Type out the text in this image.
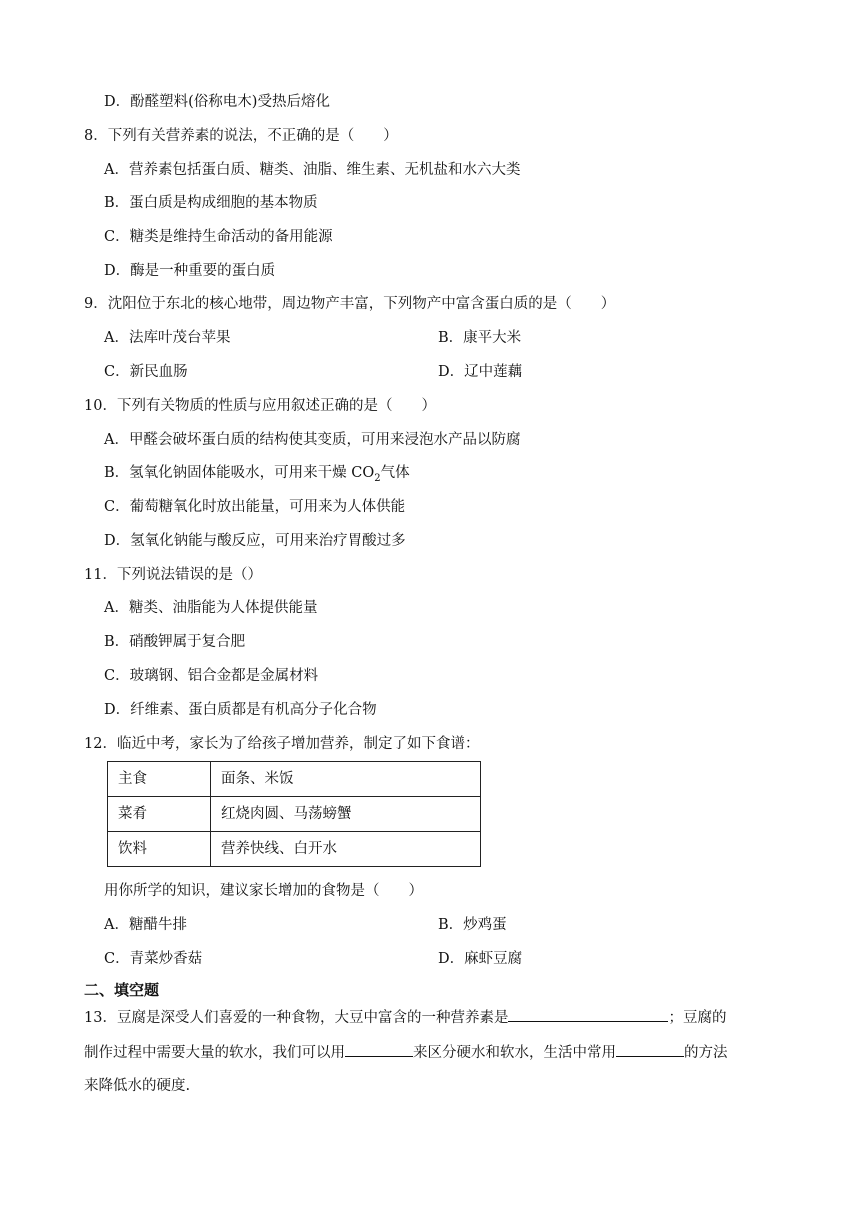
D．酚醛塑料(俗称电木)受热后熔化
8．下列有关营养素的说法，不正确的是（　　）
A．营养素包括蛋白质、糖类、油脂、维生素、无机盐和水六大类
B．蛋白质是构成细胞的基本物质
C．糖类是维持生命活动的备用能源
D．酶是一种重要的蛋白质
9．沈阳位于东北的核心地带，周边物产丰富，下列物产中富含蛋白质的是（　　）
A．法库叶茂台苹果	B．康平大米
C．新民血肠	D．辽中莲藕
10．下列有关物质的性质与应用叙述正确的是（　　）
A．甲醛会破坏蛋白质的结构使其变质，可用来浸泡水产品以防腐
B．氢氧化钠固体能吸水，可用来干燥 $CO_2$气体
C．葡萄糖氧化时放出能量，可用来为人体供能
D．氢氧化钠能与酸反应，可用来治疗胃酸过多
11．下列说法错误的是（）
A．糖类、油脂能为人体提供能量
B．硝酸钾属于复合肥
C．玻璃钢、铝合金都是金属材料
D．纤维素、蛋白质都是有机高分子化合物
12．临近中考，家长为了给孩子增加营养，制定了如下食谱：
主食	面条、米饭
菜肴	红烧肉圆、马荡螃蟹
饮料	营养快线、白开水
用你所学的知识，建议家长增加的食物是（　　）
A．糖醋牛排	B．炒鸡蛋
C．青菜炒香菇	D．麻虾豆腐
二、填空题
13．豆腐是深受人们喜爱的一种食物，大豆中富含的一种营养素是	；豆腐的
制作过程中需要大量的软水，我们可以用	来区分硬水和软水，生活中常用	的方法
来降低水的硬度.
